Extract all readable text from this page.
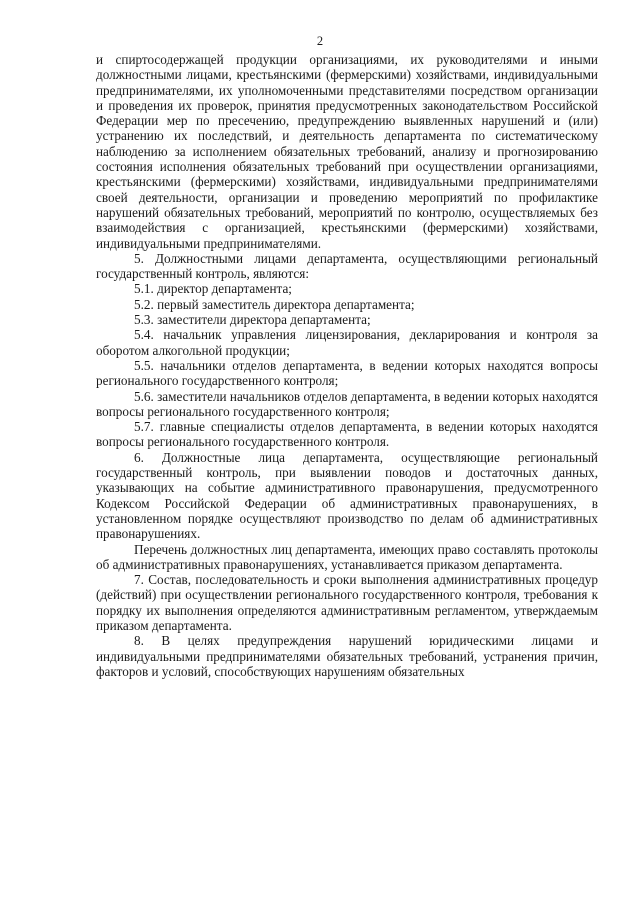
2

и спиртосодержащей продукции организациями, их руководителями и иными должностными лицами, крестьянскими (фермерскими) хозяйствами, индивидуальными предпринимателями, их уполномоченными представителями посредством организации и проведения их проверок, принятия предусмотренных законодательством Российской Федерации мер по пресечению, предупреждению выявленных нарушений и (или) устранению их последствий, и деятельность департамента по систематическому наблюдению за исполнением обязательных требований, анализу и прогнозированию состояния исполнения обязательных требований при осуществлении организациями, крестьянскими (фермерскими) хозяйствами, индивидуальными предпринимателями своей деятельности, организации и проведению мероприятий по профилактике нарушений обязательных требований, мероприятий по контролю, осуществляемых без взаимодействия с организацией, крестьянскими (фермерскими) хозяйствами, индивидуальными предпринимателями.

5. Должностными лицами департамента, осуществляющими региональный государственный контроль, являются:

5.1. директор департамента;

5.2. первый заместитель директора департамента;

5.3. заместители директора департамента;

5.4. начальник управления лицензирования, декларирования и контроля за оборотом алкогольной продукции;

5.5. начальники отделов департамента, в ведении которых находятся вопросы регионального государственного контроля;

5.6. заместители начальников отделов департамента, в ведении которых находятся вопросы регионального государственного контроля;

5.7. главные специалисты отделов департамента, в ведении которых находятся вопросы регионального государственного контроля.

6. Должностные лица департамента, осуществляющие региональный государственный контроль, при выявлении поводов и достаточных данных, указывающих на событие административного правонарушения, предусмотренного Кодексом Российской Федерации об административных правонарушениях, в установленном порядке осуществляют производство по делам об административных правонарушениях.

Перечень должностных лиц департамента, имеющих право составлять протоколы об административных правонарушениях, устанавливается приказом департамента.

7. Состав, последовательность и сроки выполнения административных процедур (действий) при осуществлении регионального государственного контроля, требования к порядку их выполнения определяются административным регламентом, утверждаемым приказом департамента.

8. В целях предупреждения нарушений юридическими лицами и индивидуальными предпринимателями обязательных требований, устранения причин, факторов и условий, способствующих нарушениям обязательных
